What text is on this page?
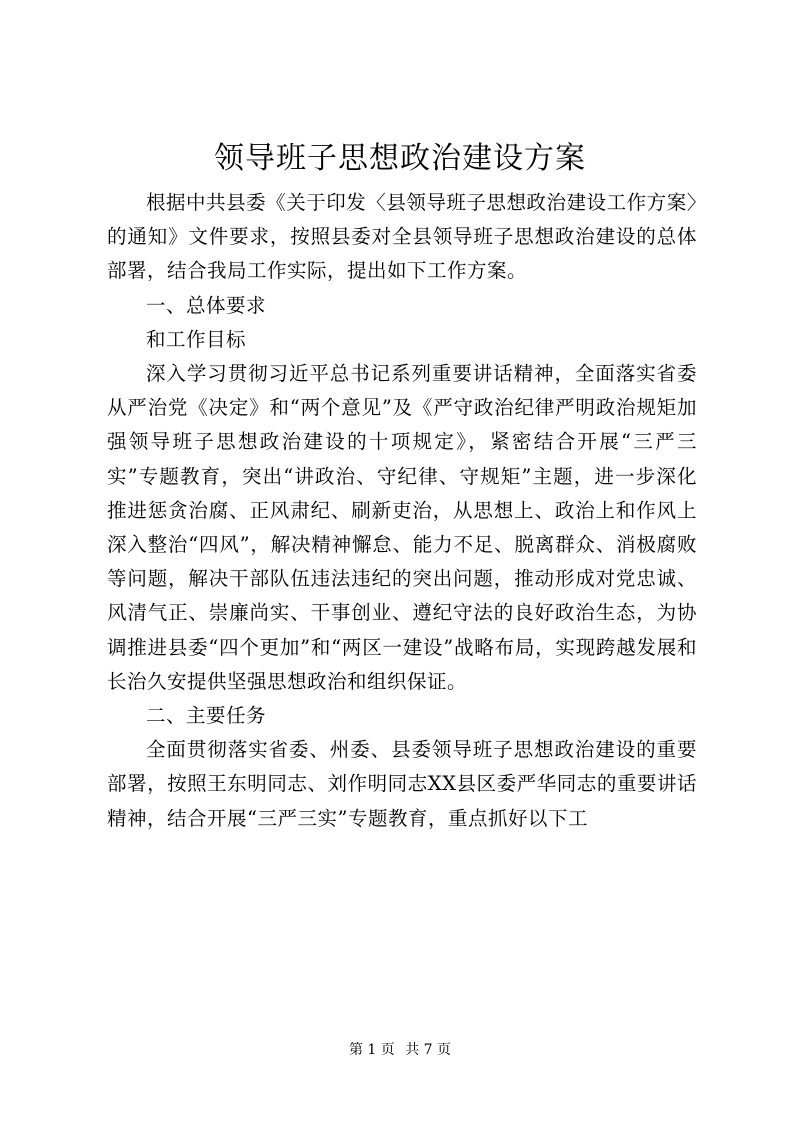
领导班子思想政治建设方案

根据中共县委《关于印发〈县领导班子思想政治建设工作方案〉的通知》文件要求，按照县委对全县领导班子思想政治建设的总体部署，结合我局工作实际，提出如下工作方案。

一、总体要求

和工作目标

深入学习贯彻习近平总书记系列重要讲话精神，全面落实省委从严治党《决定》和“两个意见”及《严守政治纪律严明政治规矩加强领导班子思想政治建设的十项规定》，紧密结合开展“三严三实”专题教育，突出“讲政治、守纪律、守规矩”主题，进一步深化推进惩贪治腐、正风肃纪、刷新吏治，从思想上、政治上和作风上深入整治“四风”，解决精神懈怠、能力不足、脱离群众、消极腐败等问题，解决干部队伍违法违纪的突出问题，推动形成对党忠诚、风清气正、崇廉尚实、干事创业、遵纪守法的良好政治生态，为协调推进县委“四个更加”和“两区一建设”战略布局，实现跨越发展和长治久安提供坚强思想政治和组织保证。

二、主要任务

全面贯彻落实省委、州委、县委领导班子思想政治建设的重要部署，按照王东明同志、刘作明同志XX县区委严华同志的重要讲话精神，结合开展“三严三实”专题教育，重点抓好以下工

第 1 页 共 7 页
